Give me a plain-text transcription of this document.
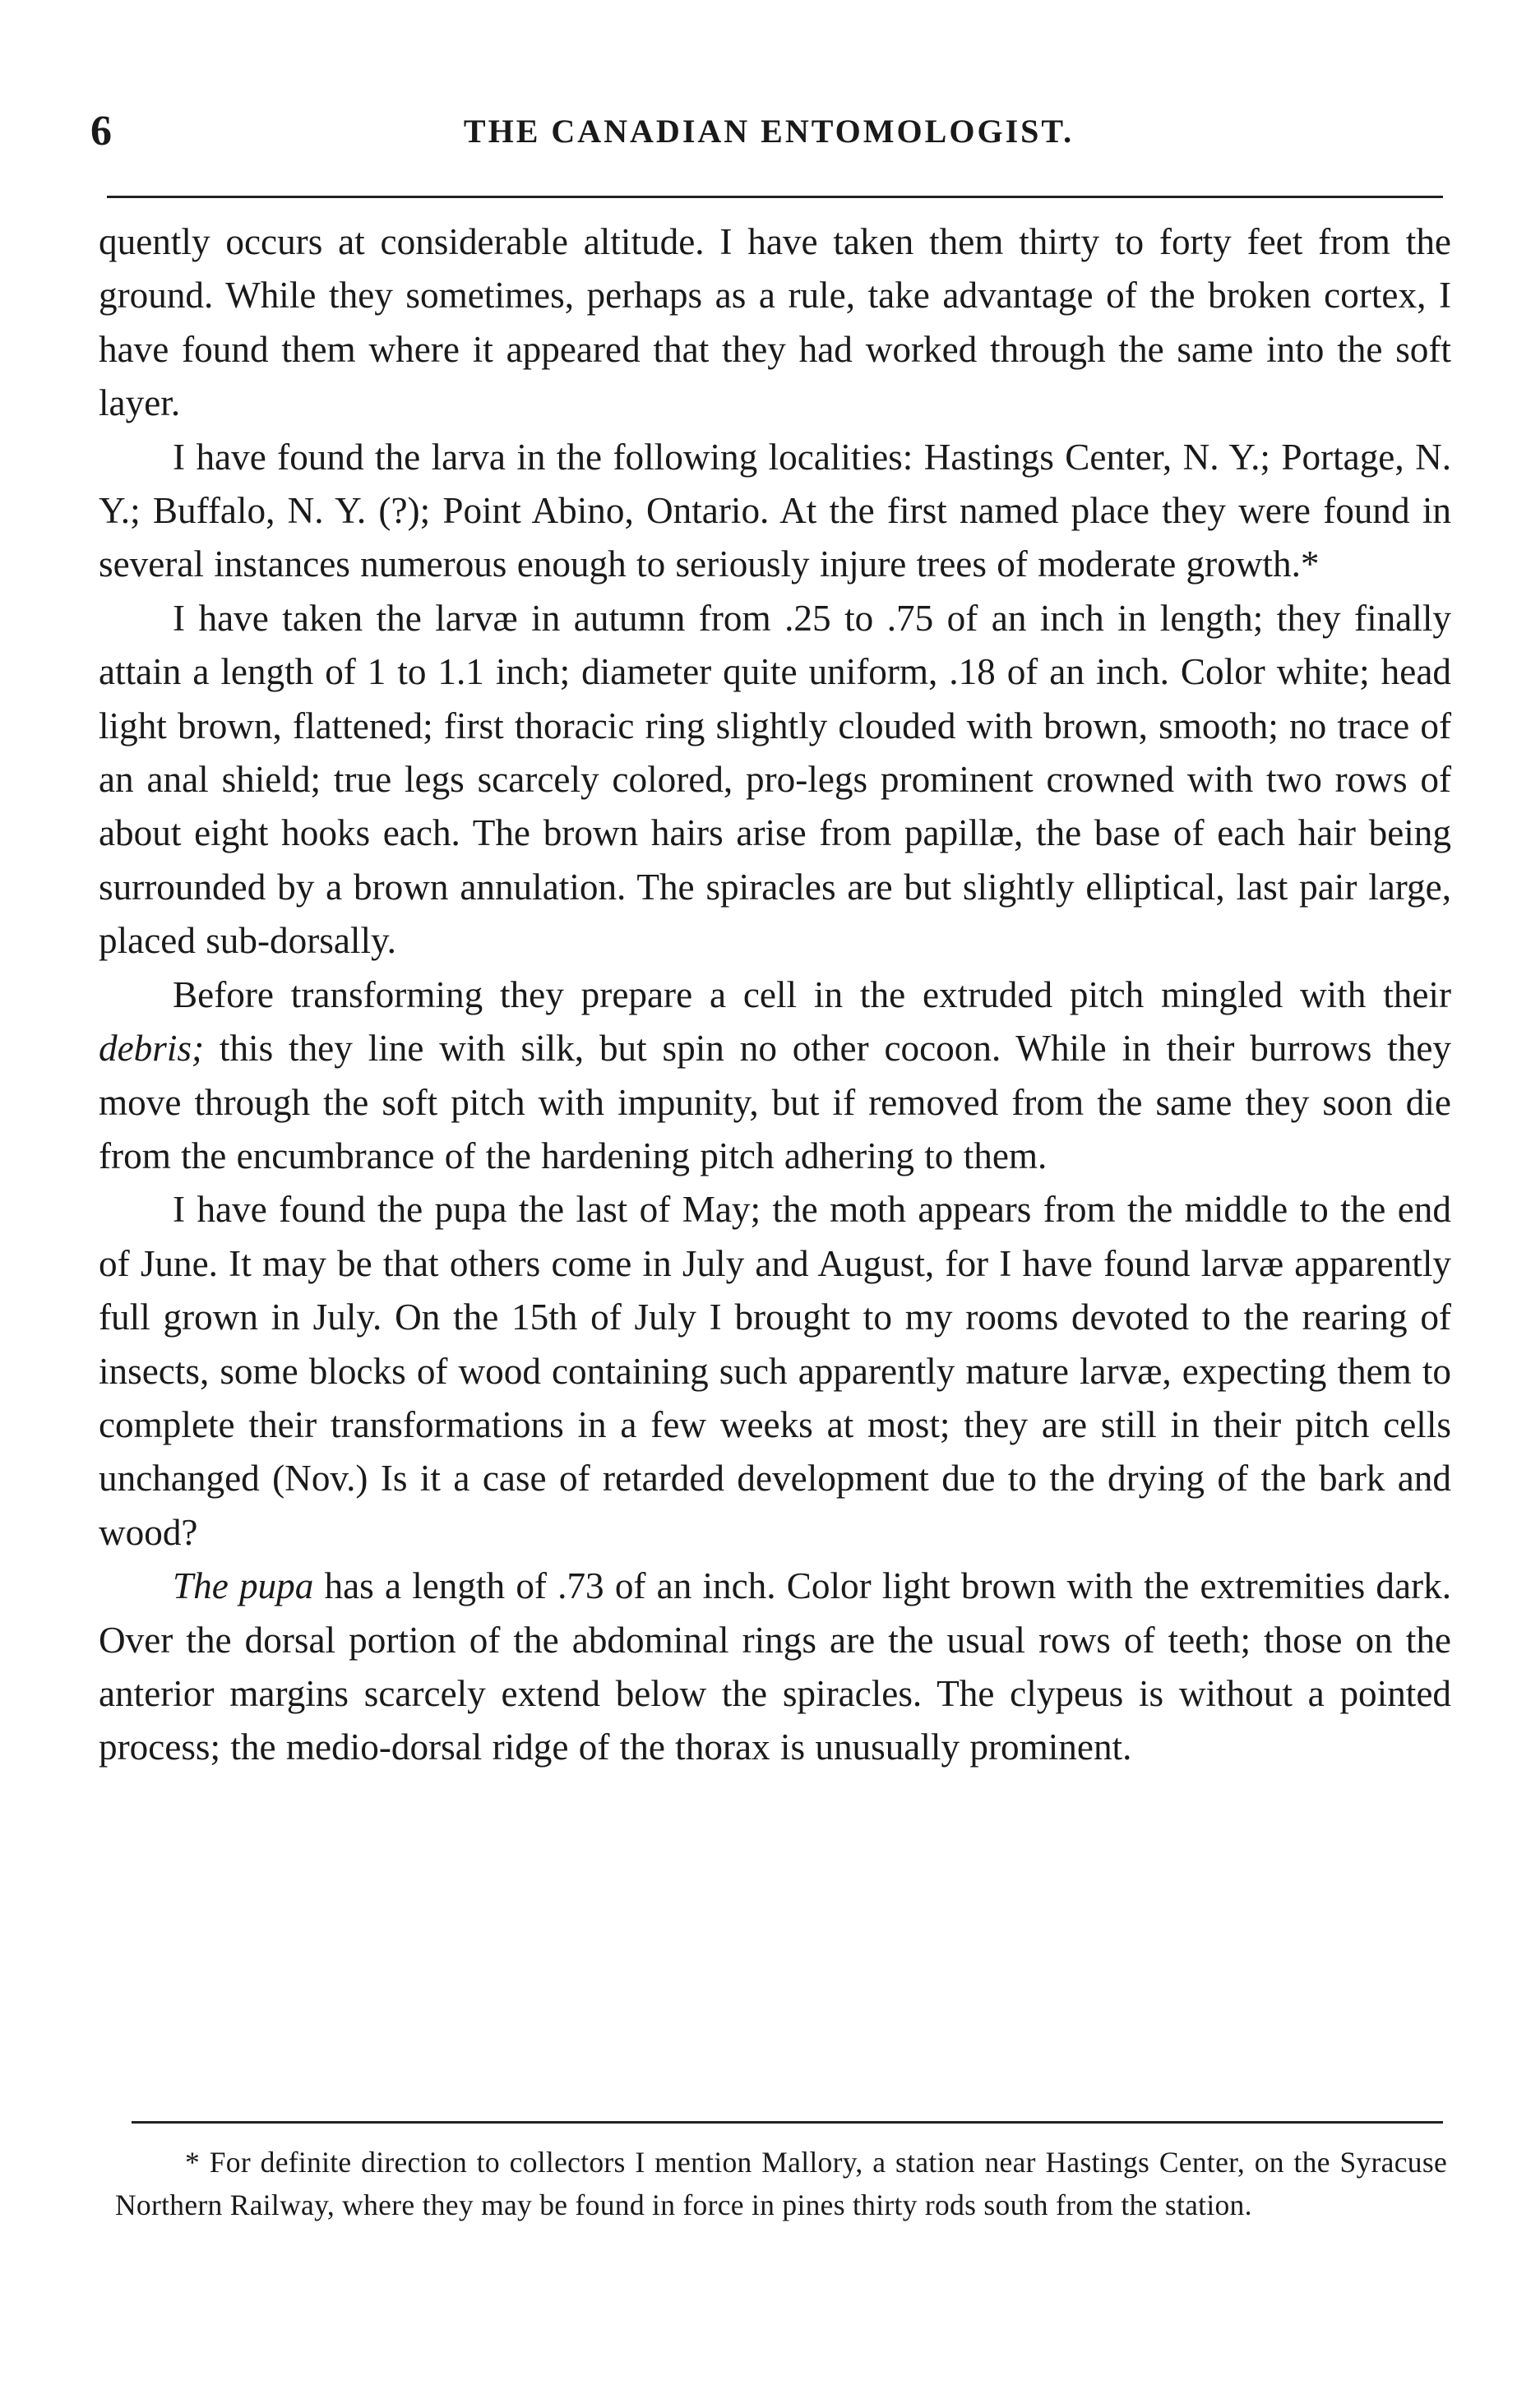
6	THE CANADIAN ENTOMOLOGIST.

quently occurs at considerable altitude. I have taken them thirty to forty feet from the ground. While they sometimes, perhaps as a rule, take advantage of the broken cortex, I have found them where it appeared that they had worked through the same into the soft layer.

I have found the larva in the following localities: Hastings Center, N. Y.; Portage, N. Y.; Buffalo, N. Y. (?); Point Abino, Ontario. At the first named place they were found in several instances numerous enough to seriously injure trees of moderate growth.*

I have taken the larvæ in autumn from .25 to .75 of an inch in length; they finally attain a length of 1 to 1.1 inch; diameter quite uniform, .18 of an inch. Color white; head light brown, flattened; first thoracic ring slightly clouded with brown, smooth; no trace of an anal shield; true legs scarcely colored, pro-legs prominent crowned with two rows of about eight hooks each. The brown hairs arise from papillæ, the base of each hair being surrounded by a brown annulation. The spiracles are but slightly elliptical, last pair large, placed sub-dorsally.

Before transforming they prepare a cell in the extruded pitch mingled with their debris; this they line with silk, but spin no other cocoon. While in their burrows they move through the soft pitch with impunity, but if removed from the same they soon die from the encumbrance of the hardening pitch adhering to them.

I have found the pupa the last of May; the moth appears from the middle to the end of June. It may be that others come in July and August, for I have found larvæ apparently full grown in July. On the 15th of July I brought to my rooms devoted to the rearing of insects, some blocks of wood containing such apparently mature larvæ, expecting them to complete their transformations in a few weeks at most; they are still in their pitch cells unchanged (Nov.) Is it a case of retarded development due to the drying of the bark and wood?

The pupa has a length of .73 of an inch. Color light brown with the extremities dark. Over the dorsal portion of the abdominal rings are the usual rows of teeth; those on the anterior margins scarcely extend below the spiracles. The clypeus is without a pointed process; the medio-dorsal ridge of the thorax is unusually prominent.

* For definite direction to collectors I mention Mallory, a station near Hastings Center, on the Syracuse Northern Railway, where they may be found in force in pines thirty rods south from the station.
